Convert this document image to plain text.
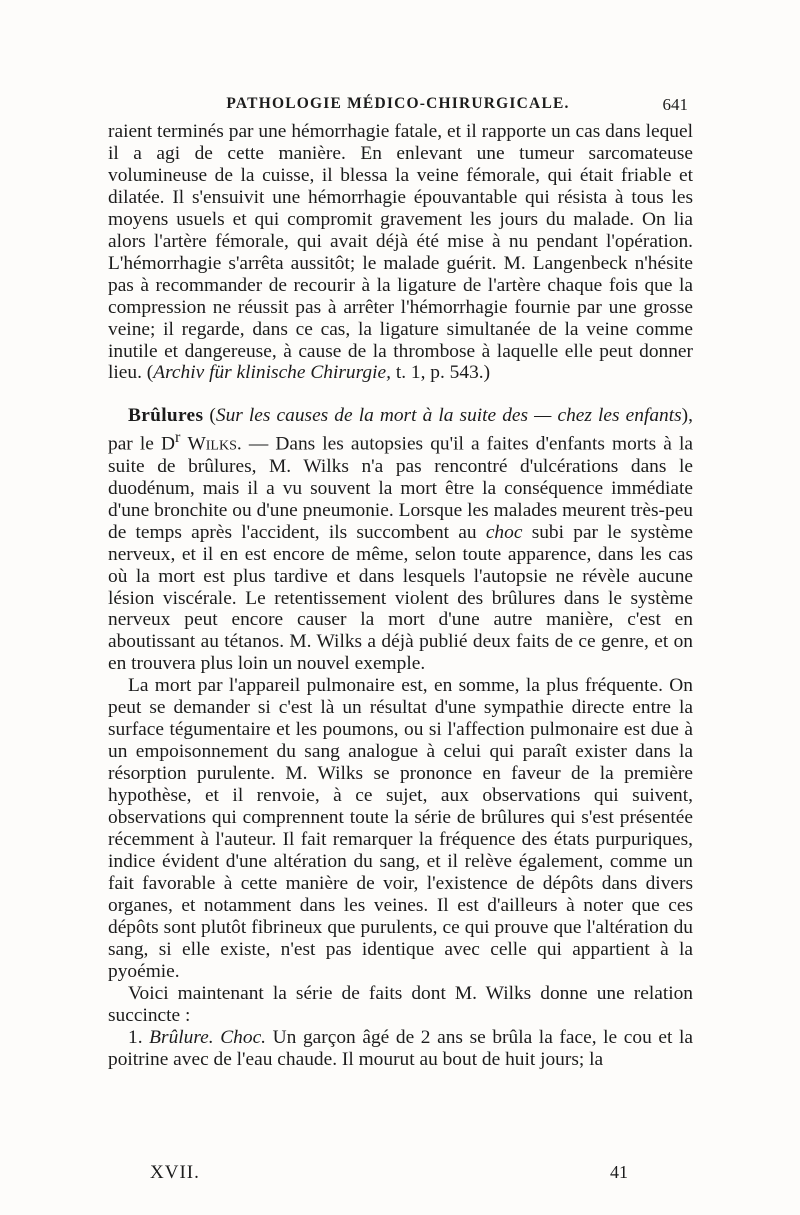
PATHOLOGIE MÉDICO-CHIRURGICALE.	641

raient terminés par une hémorrhagie fatale, et il rapporte un cas dans lequel il a agi de cette manière. En enlevant une tumeur sarcomateuse volumineuse de la cuisse, il blessa la veine fémorale, qui était friable et dilatée. Il s'ensuivit une hémorrhagie épouvantable qui résista à tous les moyens usuels et qui compromit gravement les jours du malade. On lia alors l'artère fémorale, qui avait déjà été mise à nu pendant l'opération. L'hémorrhagie s'arrêta aussitôt; le malade guérit. M. Langenbeck n'hésite pas à recommander de recourir à la ligature de l'artère chaque fois que la compression ne réussit pas à arrêter l'hémorrhagie fournie par une grosse veine; il regarde, dans ce cas, la ligature simultanée de la veine comme inutile et dangereuse, à cause de la thrombose à laquelle elle peut donner lieu. (Archiv für klinische Chirurgie, t. 1, p. 543.)

Brûlures (Sur les causes de la mort à la suite des — chez les enfants), par le $D^r$ Wilks. — Dans les autopsies qu'il a faites d'enfants morts à la suite de brûlures, M. Wilks n'a pas rencontré d'ulcérations dans le duodénum, mais il a vu souvent la mort être la conséquence immédiate d'une bronchite ou d'une pneumonie. Lorsque les malades meurent très-peu de temps après l'accident, ils succombent au choc subi par le système nerveux, et il en est encore de même, selon toute apparence, dans les cas où la mort est plus tardive et dans lesquels l'autopsie ne révèle aucune lésion viscérale. Le retentissement violent des brûlures dans le système nerveux peut encore causer la mort d'une autre manière, c'est en aboutissant au tétanos. M. Wilks a déjà publié deux faits de ce genre, et on en trouvera plus loin un nouvel exemple.

La mort par l'appareil pulmonaire est, en somme, la plus fréquente. On peut se demander si c'est là un résultat d'une sympathie directe entre la surface tégumentaire et les poumons, ou si l'affection pulmonaire est due à un empoisonnement du sang analogue à celui qui paraît exister dans la résorption purulente. M. Wilks se prononce en faveur de la première hypothèse, et il renvoie, à ce sujet, aux observations qui suivent, observations qui comprennent toute la série de brûlures qui s'est présentée récemment à l'auteur. Il fait remarquer la fréquence des états purpuriques, indice évident d'une altération du sang, et il relève également, comme un fait favorable à cette manière de voir, l'existence de dépôts dans divers organes, et notamment dans les veines. Il est d'ailleurs à noter que ces dépôts sont plutôt fibrineux que purulents, ce qui prouve que l'altération du sang, si elle existe, n'est pas identique avec celle qui appartient à la pyoémie.

Voici maintenant la série de faits dont M. Wilks donne une relation succincte :

1. Brûlure. Choc. Un garçon âgé de 2 ans se brûla la face, le cou et la poitrine avec de l'eau chaude. Il mourut au bout de huit jours; la

XVII.	41
